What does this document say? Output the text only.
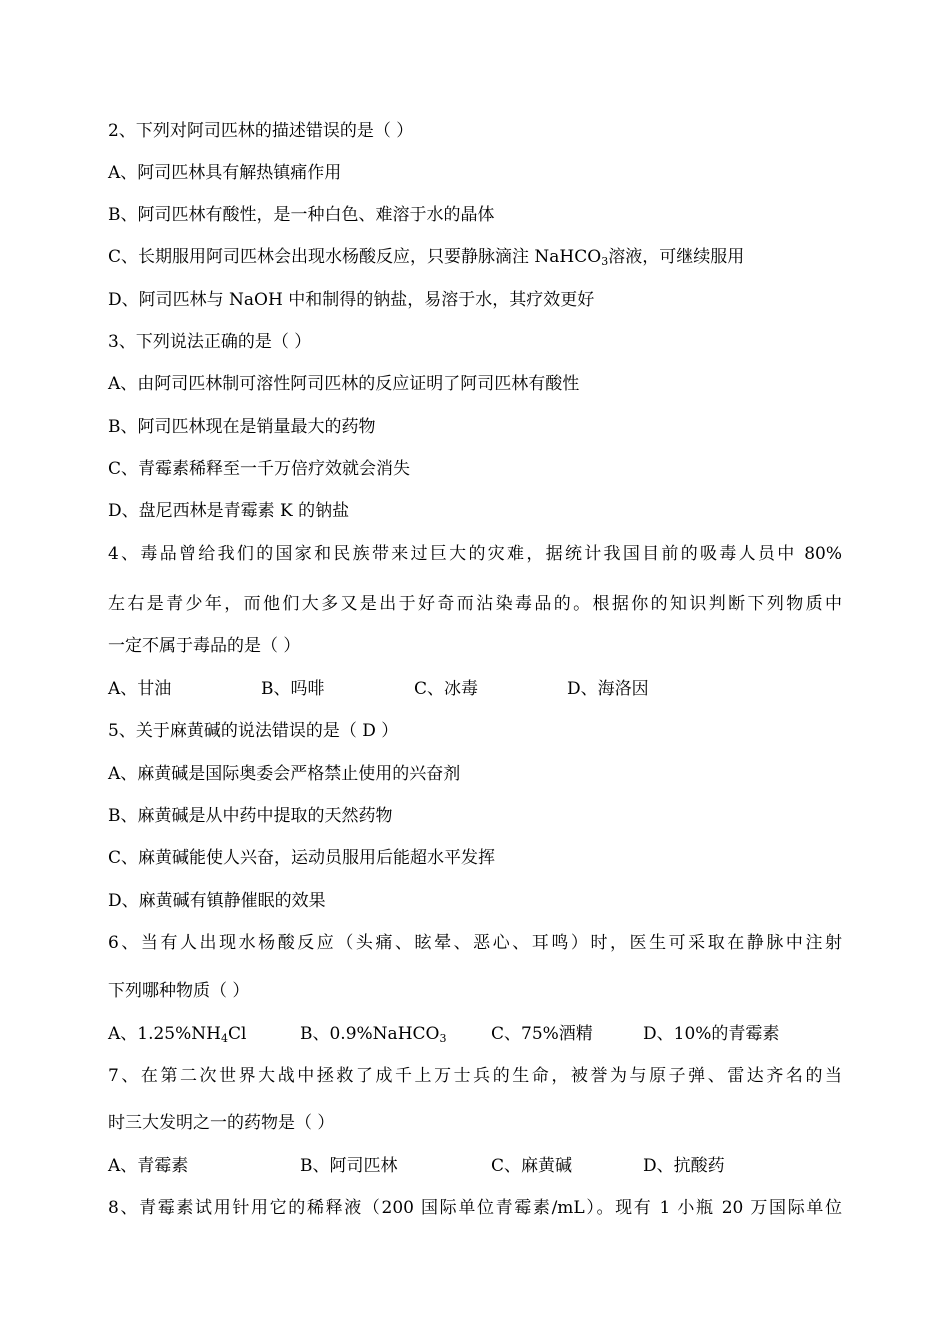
2、下列对阿司匹林的描述错误的是（ ）
A、阿司匹林具有解热镇痛作用
B、阿司匹林有酸性，是一种白色、难溶于水的晶体
C、长期服用阿司匹林会出现水杨酸反应，只要静脉滴注 NaHCO$_3$溶液，可继续服用
D、阿司匹林与 NaOH 中和制得的钠盐，易溶于水，其疗效更好
3、下列说法正确的是（ ）
A、由阿司匹林制可溶性阿司匹林的反应证明了阿司匹林有酸性
B、阿司匹林现在是销量最大的药物
C、青霉素稀释至一千万倍疗效就会消失
D、盘尼西林是青霉素 K 的钠盐
4、毒品曾给我们的国家和民族带来过巨大的灾难，据统计我国目前的吸毒人员中 80%
左右是青少年，而他们大多又是出于好奇而沾染毒品的。根据你的知识判断下列物质中
一定不属于毒品的是（ ）
A、甘油	B、吗啡	C、冰毒	D、海洛因
5、关于麻黄碱的说法错误的是（ D ）
A、麻黄碱是国际奥委会严格禁止使用的兴奋剂
B、麻黄碱是从中药中提取的天然药物
C、麻黄碱能使人兴奋，运动员服用后能超水平发挥
D、麻黄碱有镇静催眠的效果
6、当有人出现水杨酸反应（头痛、眩晕、恶心、耳鸣）时，医生可采取在静脉中注射
下列哪种物质（ ）
A、$1.25\%NH_4Cl$	B、0.9%NaHCO$_3$	C、75%酒精	D、10%的青霉素
7、在第二次世界大战中拯救了成千上万士兵的生命，被誉为与原子弹、雷达齐名的当
时三大发明之一的药物是（ ）
A、青霉素	B、阿司匹林	C、麻黄碱	D、抗酸药
8、青霉素试用针用它的稀释液（200 国际单位青霉素/mL）。现有 1 小瓶 20 万国际单位
